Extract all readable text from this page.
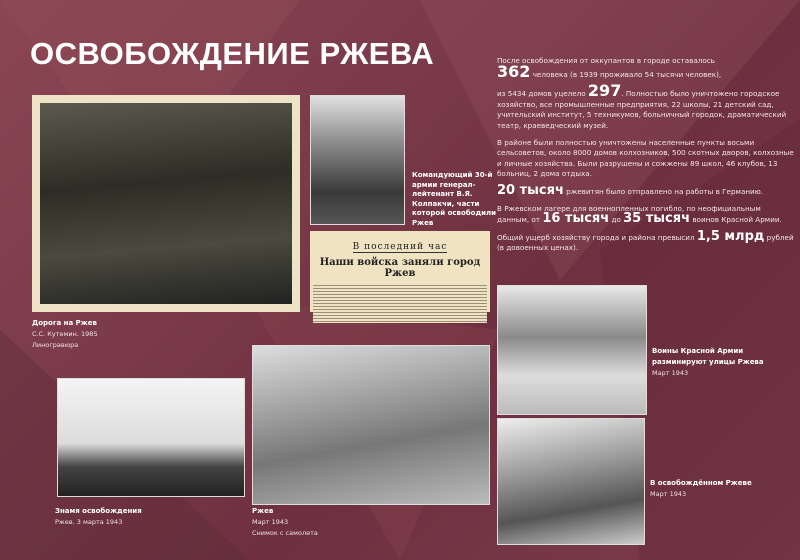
ОСВОБОЖДЕНИЕ РЖЕВА	После освобождения от оккупантов в городе оставалось
362 человека (в 1939 проживало 54 тысячи человек),

из 5434 домов уцелело 297. Полностью было уничтожено городское хозяйство, все промышленные предприятия, 22 школы, 21 детский сад, учительский институт, 5 техникумов, больничный городок, драматический театр, краеведческий музей.

В районе были полностью уничтожены населенные пункты восьми сельсоветов, около 8000 домов колхозников, 500 скотных дворов, колхозные и личные хозяйства. Были разрушены и сожжены 89 школ, 46 клубов, 13 больниц, 2 дома отдыха.

20 тысяч ржевитян было отправлено на работы в Германию.

В Ржевском лагере для военнопленных погибло, по неофициальным данным, от 16 тысяч до 35 тысяч воинов Красной Армии.

Общий ущерб хозяйству города и района превысил 1,5 млрд рублей (в довоенных ценах).

Дорога на Ржев
С.С. Кутемин. 1985
Линогравюра
Командующий 30-й армии генерал-лейтенант В.Я. Колпакчи, части которой освободили Ржев
В последний час
Наши войска заняли город Ржев
Знамя освобождения
Ржев. 3 марта 1943
Ржев
Март 1943
Снимок с самолета
Воины Красной Армии разминируют улицы Ржева
Март 1943
В освобождённом Ржеве
Март 1943
